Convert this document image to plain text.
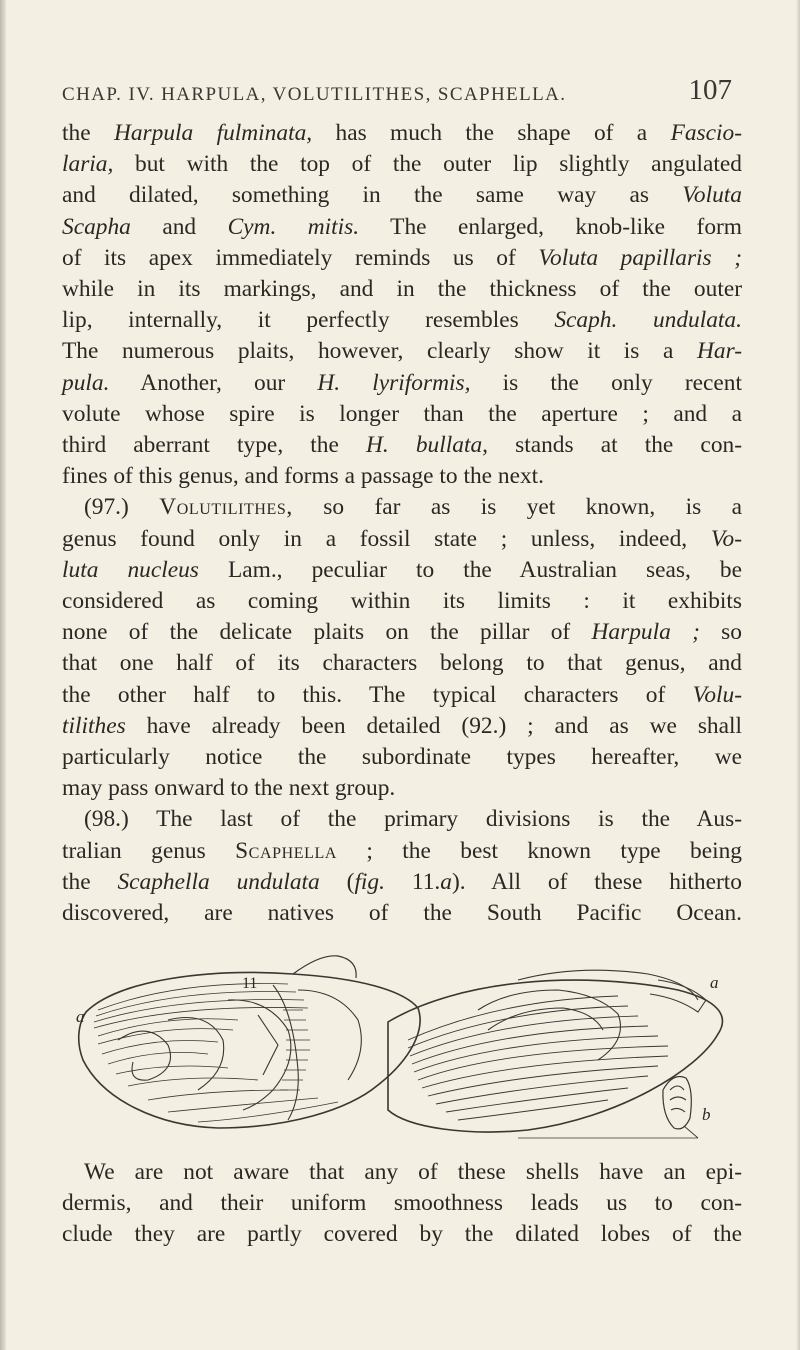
CHAP. IV. HARPULA, VOLUTILITHES, SCAPHELLA.	107
the Harpula fulminata, has much the shape of a Fascio-
laria, but with the top of the outer lip slightly angulated
and dilated, something in the same way as Voluta
Scapha and Cym. mitis. The enlarged, knob-like form
of its apex immediately reminds us of Voluta papillaris ;
while in its markings, and in the thickness of the outer
lip, internally, it perfectly resembles Scaph. undulata.
The numerous plaits, however, clearly show it is a Har-
pula. Another, our H. lyriformis, is the only recent
volute whose spire is longer than the aperture ; and a
third aberrant type, the H. bullata, stands at the con-
fines of this genus, and forms a passage to the next.
(97.) Volutilithes, so far as is yet known, is a
genus found only in a fossil state ; unless, indeed, Vo-
luta nucleus Lam., peculiar to the Australian seas, be
considered as coming within its limits : it exhibits
none of the delicate plaits on the pillar of Harpula ; so
that one half of its characters belong to that genus, and
the other half to this. The typical characters of Volu-
tilithes have already been detailed (92.) ; and as we shall
particularly notice the subordinate types hereafter, we
may pass onward to the next group.
(98.) The last of the primary divisions is the Aus-
tralian genus Scaphella ; the best known type being
the Scaphella undulata (fig. 11.a). All of these hitherto
discovered, are natives of the South Pacific Ocean.
a
11	a
b
We are not aware that any of these shells have an epi-
dermis, and their uniform smoothness leads us to con-
clude they are partly covered by the dilated lobes of the
